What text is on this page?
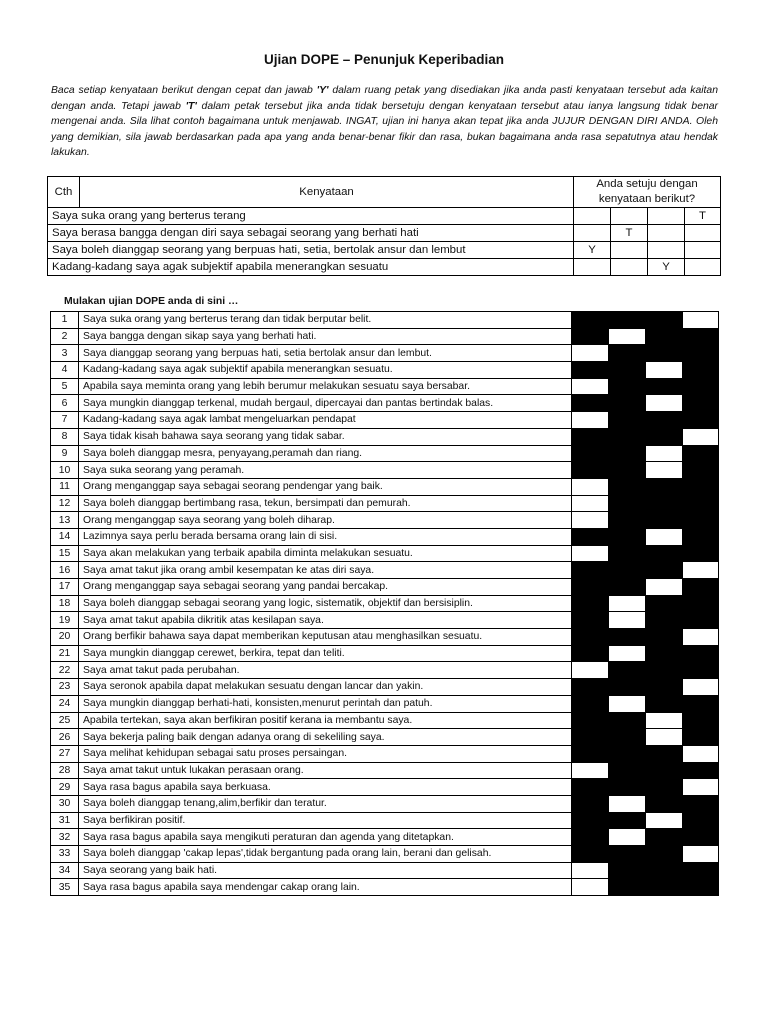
Ujian DOPE – Penunjuk Keperibadian
Baca setiap kenyataan berikut dengan cepat dan jawab 'Y' dalam ruang petak yang disediakan jika anda pasti kenyataan tersebut ada kaitan dengan anda. Tetapi jawab 'T' dalam petak tersebut jika anda tidak bersetuju dengan kenyataan tersebut atau ianya langsung tidak benar mengenai anda. Sila lihat contoh bagaimana untuk menjawab. INGAT, ujian ini hanya akan tepat jika anda JUJUR DENGAN DIRI ANDA. Oleh yang demikian, sila jawab berdasarkan pada apa yang anda benar-benar fikir dan rasa, bukan bagaimana anda rasa sepatutnya atau hendak lakukan.
Cth	Kenyataan	Anda setuju dengan kenyataan berikut?			
Saya suka orang yang berterus terang					T
Saya berasa bangga dengan diri saya sebagai seorang yang berhati hati			T		
Saya boleh dianggap seorang yang berpuas hati, setia, bertolak ansur dan lembut		Y			
Kadang-kadang saya agak subjektif apabila menerangkan sesuatu				Y	
Mulakan ujian DOPE anda di sini …
1	Saya suka orang yang berterus terang dan tidak berputar belit.				
2	Saya bangga dengan sikap saya yang berhati hati.				
3	Saya dianggap seorang yang berpuas hati, setia bertolak ansur dan lembut.				
4	Kadang-kadang saya agak subjektif apabila menerangkan sesuatu.				
5	Apabila saya meminta orang yang lebih berumur melakukan sesuatu saya bersabar.				
6	Saya mungkin dianggap terkenal, mudah bergaul, dipercayai dan pantas bertindak balas.				
7	Kadang-kadang saya agak lambat mengeluarkan pendapat				
8	Saya tidak kisah bahawa saya seorang yang tidak sabar.				
9	Saya boleh dianggap mesra, penyayang,peramah dan riang.				
10	Saya suka seorang yang peramah.				
11	Orang menganggap saya sebagai seorang pendengar yang baik.				
12	Saya boleh dianggap bertimbang rasa, tekun, bersimpati dan pemurah.				
13	Orang menganggap saya seorang yang boleh diharap.				
14	Lazimnya saya perlu berada bersama orang lain di sisi.				
15	Saya akan melakukan yang terbaik apabila diminta melakukan sesuatu.				
16	Saya amat takut jika orang ambil kesempatan ke atas diri saya.				
17	Orang menganggap saya sebagai seorang yang pandai bercakap.				
18	Saya boleh dianggap sebagai seorang yang logic, sistematik, objektif dan bersisiplin.				
19	Saya amat takut apabila dikritik atas kesilapan saya.				
20	Orang berfikir bahawa saya dapat memberikan keputusan atau menghasilkan sesuatu.				
21	Saya mungkin dianggap cerewet, berkira, tepat dan teliti.				
22	Saya amat takut pada perubahan.				
23	Saya seronok apabila dapat melakukan sesuatu dengan lancar dan yakin.				
24	Saya mungkin dianggap berhati-hati, konsisten,menurut perintah dan patuh.				
25	Apabila tertekan, saya akan berfikiran positif kerana ia membantu saya.				
26	Saya bekerja paling baik dengan adanya orang di sekeliling saya.				
27	Saya melihat kehidupan sebagai satu proses persaingan.				
28	Saya amat takut untuk lukakan perasaan orang.				
29	Saya rasa bagus apabila saya berkuasa.				
30	Saya boleh dianggap tenang,alim,berfikir dan teratur.				
31	Saya berfikiran positif.				
32	Saya rasa bagus apabila saya mengikuti peraturan dan agenda yang ditetapkan.				
33	Saya boleh dianggap 'cakap lepas',tidak bergantung pada orang lain, berani dan gelisah.				
34	Saya seorang yang baik hati.				
35	Saya rasa bagus apabila saya mendengar cakap orang lain.				
